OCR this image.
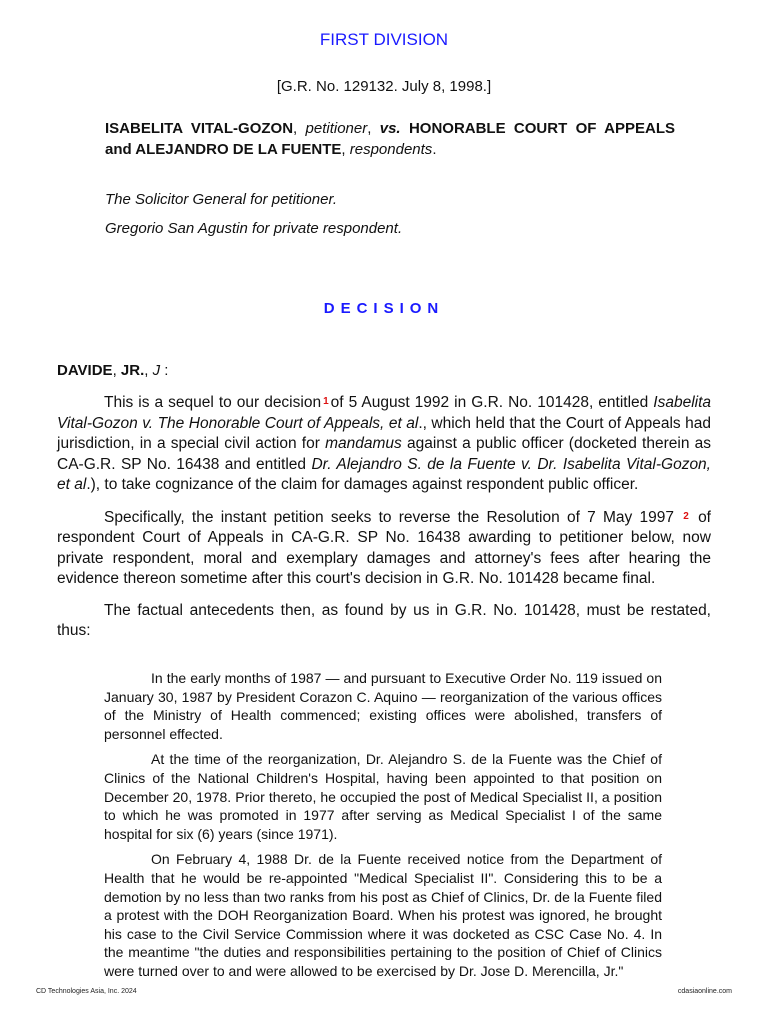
FIRST DIVISION
[G.R. No. 129132. July 8, 1998.]
ISABELITA VITAL-GOZON, petitioner, vs. HONORABLE COURT OF APPEALS and ALEJANDRO DE LA FUENTE, respondents.
The Solicitor General for petitioner.
Gregorio San Agustin for private respondent.
DECISION
DAVIDE, JR., J :

This is a sequel to our decision 1 of 5 August 1992 in G.R. No. 101428, entitled Isabelita Vital-Gozon v. The Honorable Court of Appeals, et al., which held that the Court of Appeals had jurisdiction, in a special civil action for mandamus against a public officer (docketed therein as CA-G.R. SP No. 16438 and entitled Dr. Alejandro S. de la Fuente v. Dr. Isabelita Vital-Gozon, et al.), to take cognizance of the claim for damages against respondent public officer.

Specifically, the instant petition seeks to reverse the Resolution of 7 May 1997 2 of respondent Court of Appeals in CA-G.R. SP No. 16438 awarding to petitioner below, now private respondent, moral and exemplary damages and attorney's fees after hearing the evidence thereon sometime after this court's decision in G.R. No. 101428 became final.

The factual antecedents then, as found by us in G.R. No. 101428, must be restated, thus:

In the early months of 1987 — and pursuant to Executive Order No. 119 issued on January 30, 1987 by President Corazon C. Aquino — reorganization of the various offices of the Ministry of Health commenced; existing offices were abolished, transfers of personnel effected.

At the time of the reorganization, Dr. Alejandro S. de la Fuente was the Chief of Clinics of the National Children's Hospital, having been appointed to that position on December 20, 1978. Prior thereto, he occupied the post of Medical Specialist II, a position to which he was promoted in 1977 after serving as Medical Specialist I of the same hospital for six (6) years (since 1971).

On February 4, 1988 Dr. de la Fuente received notice from the Department of Health that he would be re-appointed "Medical Specialist II". Considering this to be a demotion by no less than two ranks from his post as Chief of Clinics, Dr. de la Fuente filed a protest with the DOH Reorganization Board. When his protest was ignored, he brought his case to the Civil Service Commission where it was docketed as CSC Case No. 4. In the meantime "the duties and responsibilities pertaining to the position of Chief of Clinics were turned over to and were allowed to be exercised by Dr. Jose D. Merencilla, Jr."

CD Technologies Asia, Inc. 2024	cdasiaonline.com
